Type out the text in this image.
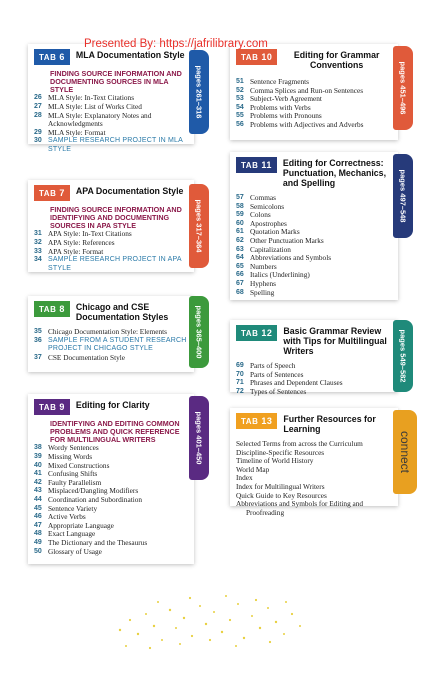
Presented By: https://jafrilibrary.com
TAB 6	MLA Documentation Style
FINDING SOURCE INFORMATION AND DOCUMENTING SOURCES IN MLA STYLE
26 MLA Style: In-Text Citations
27 MLA Style: List of Works Cited
28 MLA Style: Explanatory Notes and Acknowledgments
29 MLA Style: Format
30 SAMPLE RESEARCH PROJECT IN MLA STYLE
pages 261–316
TAB 7	APA Documentation Style
FINDING SOURCE INFORMATION AND IDENTIFYING AND DOCUMENTING SOURCES IN APA STYLE
31 APA Style: In-Text Citations
32 APA Style: References
33 APA Style: Format
34 SAMPLE RESEARCH PROJECT IN APA STYLE
pages 317–364
TAB 8	Chicago and CSE Documentation Styles
35 Chicago Documentation Style: Elements
36 SAMPLE FROM A STUDENT RESEARCH PROJECT IN CHICAGO STYLE
37 CSE Documentation Style	pages 365–400
TAB 9	Editing for Clarity
IDENTIFYING AND EDITING COMMON PROBLEMS AND QUICK REFERENCE FOR MULTILINGUAL WRITERS
38 Wordy Sentences
39 Missing Words
40 Mixed Constructions
41 Confusing Shifts
42 Faulty Parallelism
43 Misplaced/Dangling Modifiers
44 Coordination and Subordination
45 Sentence Variety
46 Active Verbs
47 Appropriate Language
48 Exact Language
49 The Dictionary and the Thesaurus
50 Glossary of Usage
pages 401–450
TAB 10	Editing for Grammar Conventions
51 Sentence Fragments
52 Comma Splices and Run-on Sentences
53 Subject-Verb Agreement
54 Problems with Verbs
55 Problems with Pronouns
56 Problems with Adjectives and Adverbs
pages 451–496
TAB 11	Editing for Correctness: Punctuation, Mechanics, and Spelling
57 Commas
58 Semicolons
59 Colons
60 Apostrophes
61 Quotation Marks
62 Other Punctuation Marks
63 Capitalization
64 Abbreviations and Symbols
65 Numbers
66 Italics (Underlining)
67 Hyphens
68 Spelling
pages 497–548
TAB 12	Basic Grammar Review with Tips for Multilingual Writers
69 Parts of Speech
70 Parts of Sentences
71 Phrases and Dependent Clauses
72 Types of Sentences
pages 549–582
TAB 13	Further Resources for Learning
Selected Terms from across the Curriculum
Discipline-Specific Resources
Timeline of World History
World Map
Index
Index for Multilingual Writers
Quick Guide to Key Resources
Abbreviations and Symbols for Editing and Proofreading
connect
